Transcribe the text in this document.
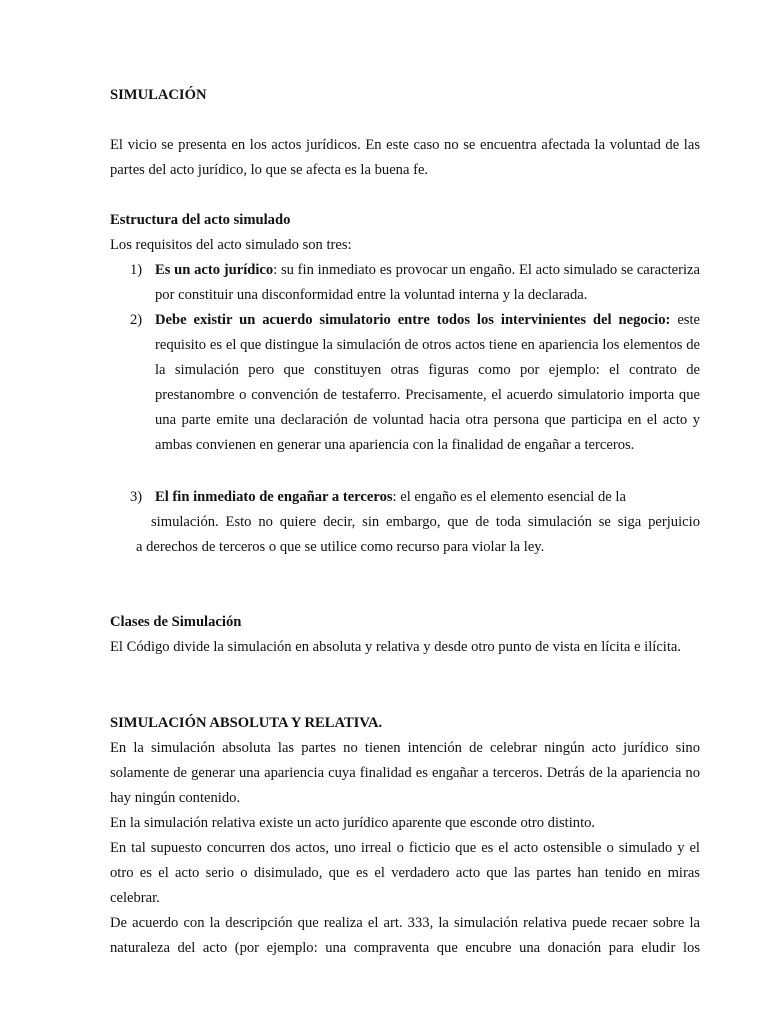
SIMULACIÓN

El vicio se presenta en los actos jurídicos. En este caso no se encuentra afectada la voluntad de las partes del acto jurídico, lo que se afecta es la buena fe.

Estructura del acto simulado

Los requisitos del acto simulado son tres:

1) Es un acto jurídico: su fin inmediato es provocar un engaño. El acto simulado se caracteriza por constituir una disconformidad entre la voluntad interna y la declarada.

2) Debe existir un acuerdo simulatorio entre todos los intervinientes del negocio: este requisito es el que distingue la simulación de otros actos tiene en apariencia los elementos de la simulación pero que constituyen otras figuras como por ejemplo: el contrato de prestanombre o convención de testaferro. Precisamente, el acuerdo simulatorio importa que una parte emite una declaración de voluntad hacia otra persona que participa en el acto y ambas convienen en generar una apariencia con la finalidad de engañar a terceros.

3) El fin inmediato de engañar a terceros: el engaño es el elemento esencial de la

simulación. Esto no quiere decir, sin embargo, que de toda simulación se siga perjuicio

a derechos de terceros o que se utilice como recurso para violar la ley.

Clases de Simulación

El Código divide la simulación en absoluta y relativa y desde otro punto de vista en lícita e ilícita.

SIMULACIÓN ABSOLUTA Y RELATIVA.

En la simulación absoluta las partes no tienen intención de celebrar ningún acto jurídico sino solamente de generar una apariencia cuya finalidad es engañar a terceros. Detrás de la apariencia no hay ningún contenido.

En la simulación relativa existe un acto jurídico aparente que esconde otro distinto.

En tal supuesto concurren dos actos, uno irreal o ficticio que es el acto ostensible o simulado y el otro es el acto serio o disimulado, que es el verdadero acto que las partes han tenido en miras celebrar.

De acuerdo con la descripción que realiza el art. 333, la simulación relativa puede recaer sobre la naturaleza del acto (por ejemplo: una compraventa que encubre una donación para eludir los
